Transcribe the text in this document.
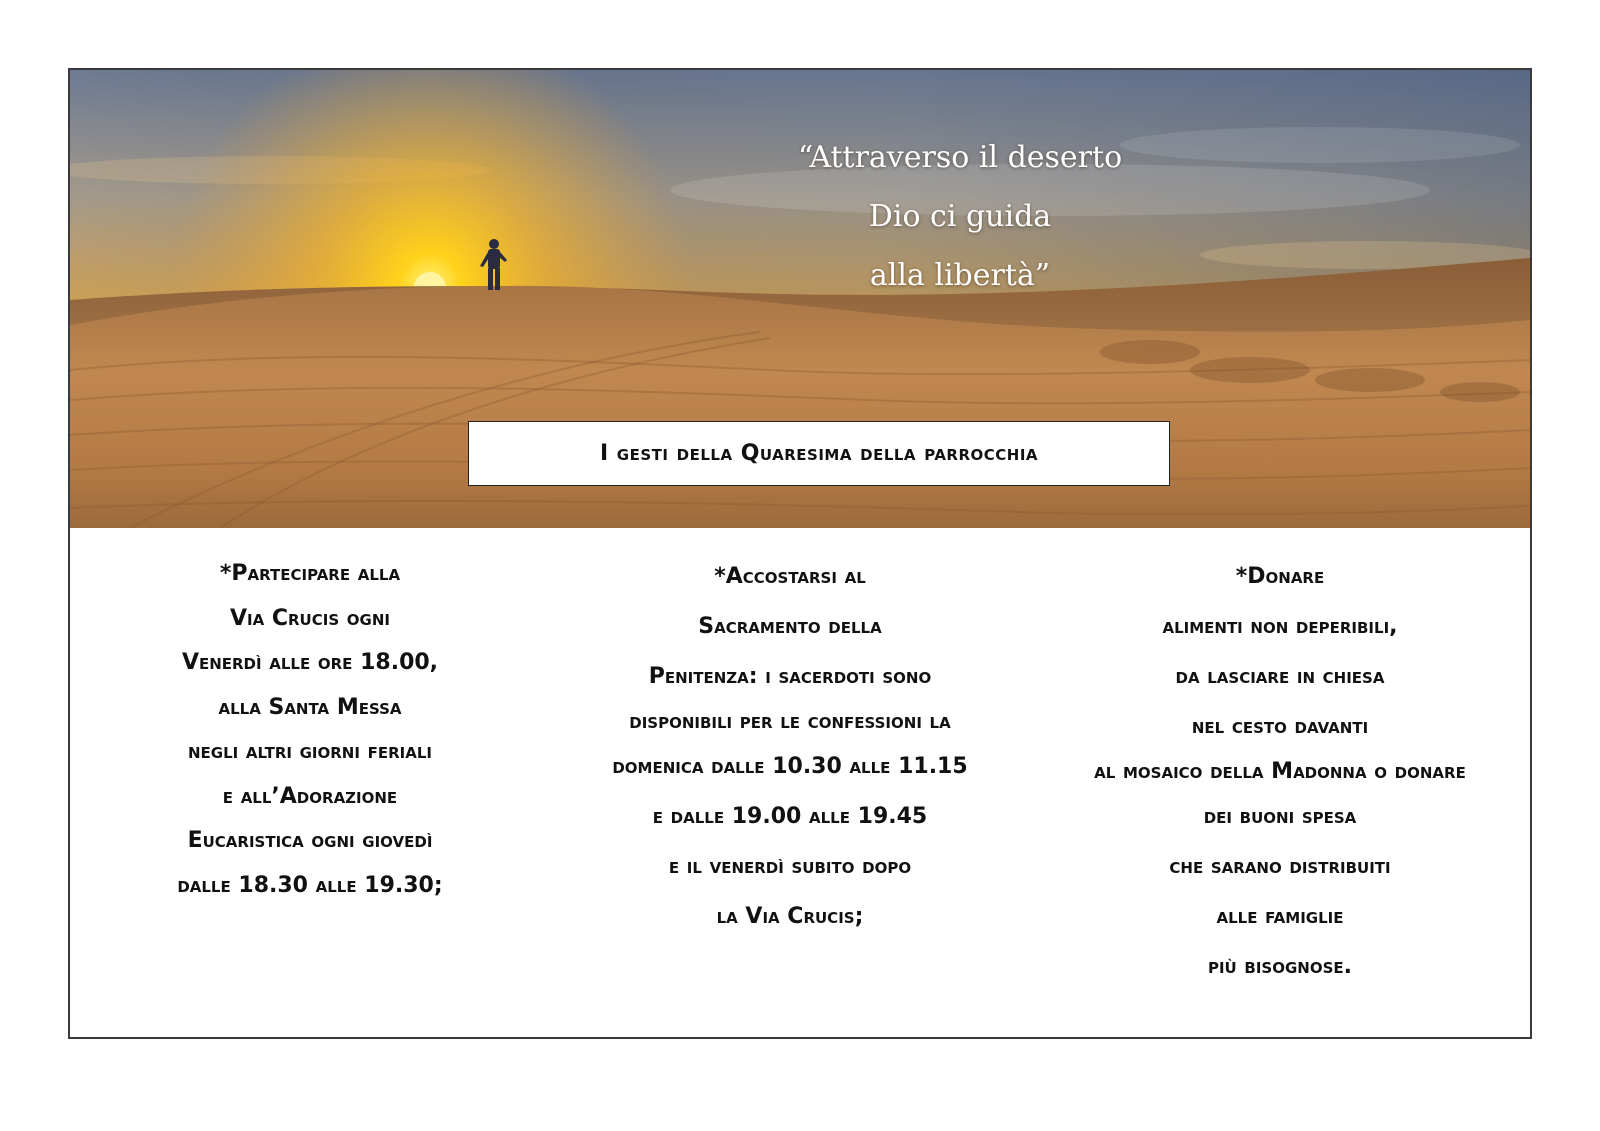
“Attraverso il deserto
Dio ci guida
alla libertà”
I gesti della Quaresima della parrocchia
*Partecipare alla
Via Crucis ogni
Venerdì alle ore 18.00,
alla Santa Messa
negli altri giorni feriali
e all’Adorazione
Eucaristica ogni giovedì
dalle 18.30 alle 19.30;
*Accostarsi al
Sacramento della
Penitenza: i sacerdoti sono
disponibili per le confessioni la
domenica dalle 10.30 alle 11.15
e dalle 19.00 alle 19.45
e il venerdì subito dopo
la Via Crucis;
*Donare
alimenti non deperibili,
da lasciare in chiesa
nel cesto davanti
al mosaico della Madonna o donare
dei buoni spesa
che sarano distribuiti
alle famiglie
più bisognose.
